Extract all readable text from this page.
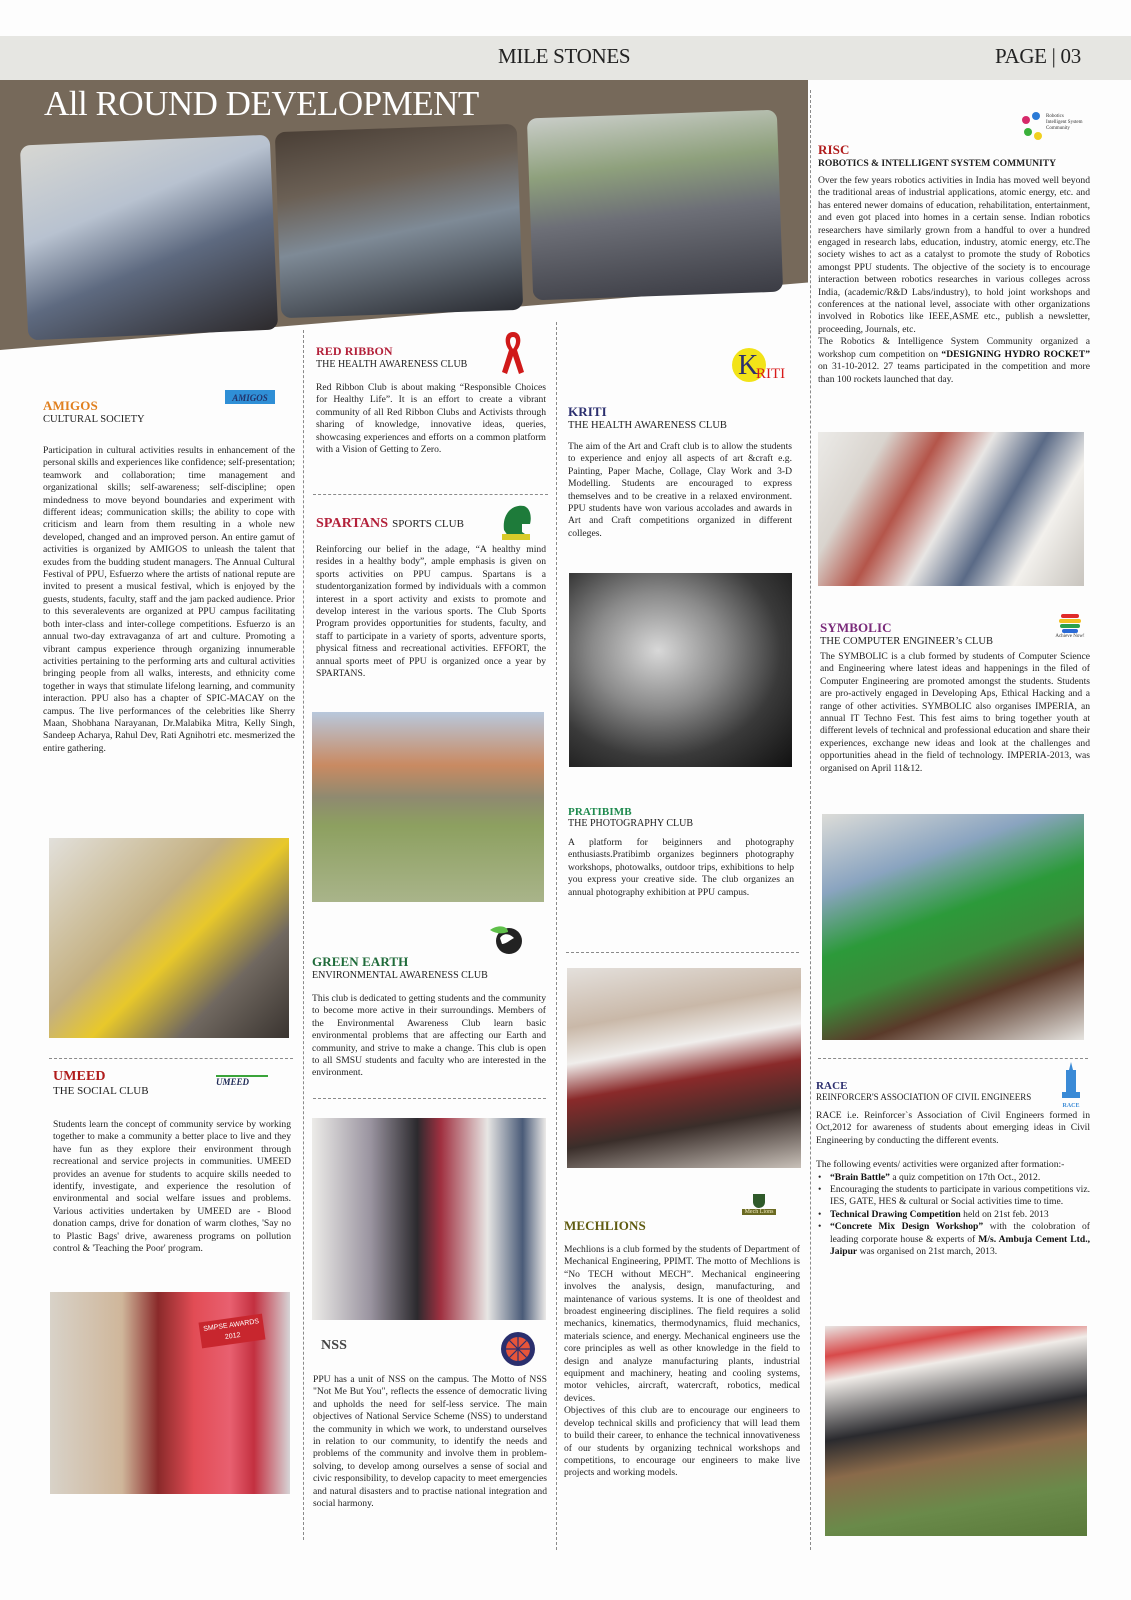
MILE STONES	PAGE | 03
All ROUND DEVELOPMENT
AMIGOS
CULTURAL SOCIETY
AMIGOS

Participation in cultural activities results in enhancement of the personal skills and experiences like confidence; self-presentation; teamwork and collaboration; time management and organizational skills; self-awareness; self-discipline; open mindedness to move beyond boundaries and experiment with different ideas; communication skills; the ability to cope with criticism and learn from them resulting in a whole new developed, changed and an improved person. An entire gamut of activities is organized by AMIGOS to unleash the talent that exudes from the budding student managers. The Annual Cultural Festival of PPU, Esfuerzo where the artists of national repute are invited to present a musical festival, which is enjoyed by the guests, students, faculty, staff and the jam packed audience. Prior to this severalevents are organized at PPU campus facilitating both inter-class and inter-college competitions. Esfuerzo is an annual two-day extravaganza of art and culture. Promoting a vibrant campus experience through organizing innumerable activities pertaining to the performing arts and cultural activities bringing people from all walks, interests, and ethnicity come together in ways that stimulate lifelong learning, and community interaction. PPU also has a chapter of SPIC-MACAY on the campus. The live performances of the celebrities like Sherry Maan, Shobhana Narayanan, Dr.Malabika Mitra, Kelly Singh, Sandeep Acharya, Rahul Dev, Rati Agnihotri etc. mesmerized the entire gathering.

UMEED
THE SOCIAL CLUB
UMEED

Students learn the concept of community service by working together to make a community a better place to live and they have fun as they explore their environment through recreational and service projects in communities. UMEED provides an avenue for students to acquire skills needed to identify, investigate, and experience the resolution of environmental and social welfare issues and problems. Various activities undertaken by UMEED are - Blood donation camps, drive for donation of warm clothes, 'Say no to Plastic Bags' drive, awareness programs on pollution control & 'Teaching the Poor' program.

SMPSE AWARDS 2012
RED RIBBON
THE HEALTH AWARENESS CLUB

Red Ribbon Club is about making “Responsible Choices for Healthy Life”. It is an effort to create a vibrant community of all Red Ribbon Clubs and Activists through sharing of knowledge, innovative ideas, queries, showcasing experiences and efforts on a common platform with a Vision of Getting to Zero.

SPARTANS SPORTS CLUB

Reinforcing our belief in the adage, “A healthy mind resides in a healthy body”, ample emphasis is given on sports activities on PPU campus. Spartans is a studentorganization formed by individuals with a common interest in a sport activity and exists to promote and develop interest in the various sports. The Club Sports Program provides opportunities for students, faculty, and staff to participate in a variety of sports, adventure sports, physical fitness and recreational activities. EFFORT, the annual sports meet of PPU is organized once a year by SPARTANS.

GREEN EARTH
ENVIRONMENTAL AWARENESS CLUB

This club is dedicated to getting students and the community to become more active in their surroundings. Members of the Environmental Awareness Club learn basic environmental problems that are affecting our Earth and community, and strive to make a change. This club is open to all SMSU students and faculty who are interested in the environment.

NSS

PPU has a unit of NSS on the campus. The Motto of NSS "Not Me But You", reflects the essence of democratic living and upholds the need for self-less service. The main objectives of National Service Scheme (NSS) to understand the community in which we work, to understand ourselves in relation to our community, to identify the needs and problems of the community and involve them in problem-solving, to develop among ourselves a sense of social and civic responsibility, to develop capacity to meet emergencies and natural disasters and to practise national integration and social harmony.

K
RITI
KRITI
THE HEALTH AWARENESS CLUB

The aim of the Art and Craft club is to allow the students to experience and enjoy all aspects of art &craft e.g. Painting, Paper Mache, Collage, Clay Work and 3-D Modelling. Students are encouraged to express themselves and to be creative in a relaxed environment. PPU students have won various accolades and awards in Art and Craft competitions organized in different colleges.

PRATIBIMB
THE PHOTOGRAPHY CLUB

A platform for beiginners and photography enthusiasts.Pratibimb organizes beginners photography workshops, photowalks, outdoor trips, exhibitions to help you express your creative side. The club organizes an annual photography exhibition at PPU campus.

Mech Lions
MECHLIONS

Mechlions is a club formed by the students of Department of Mechanical Engineering, PPIMT. The motto of Mechlions is “No TECH without MECH”. Mechanical engineering involves the analysis, design, manufacturing, and maintenance of various systems. It is one of theoldest and broadest engineering disciplines. The field requires a solid mechanics, kinematics, thermodynamics, fluid mechanics, materials science, and energy. Mechanical engineers use the core principles as well as other knowledge in the field to design and analyze manufacturing plants, industrial equipment and machinery, heating and cooling systems, motor vehicles, aircraft, watercraft, robotics, medical devices.

Objectives of this club are to encourage our engineers to develop technical skills and proficiency that will lead them to build their career, to enhance the technical innovativeness of our students by organizing technical workshops and competitions, to encourage our engineers to make live projects and working models.

Robotics Intelligent System Community
RISC
ROBOTICS & INTELLIGENT SYSTEM COMMUNITY

Over the few years robotics activities in India has moved well beyond the traditional areas of industrial applications, atomic energy, etc. and has entered newer domains of education, rehabilitation, entertainment, and even got placed into homes in a certain sense. Indian robotics researchers have similarly grown from a handful to over a hundred engaged in research labs, education, industry, atomic energy, etc.The society wishes to act as a catalyst to promote the study of Robotics amongst PPU students. The objective of the society is to encourage interaction between robotics researches in various colleges across India, (academic/R&D Labs/industry), to hold joint workshops and conferences at the national level, associate with other organizations involved in Robotics like IEEE,ASME etc., publish a newsletter, proceeding, Journals, etc.

The Robotics & Intelligence System Community organized a workshop cum competition on “DESIGNING HYDRO ROCKET” on 31-10-2012. 27 teams participated in the competition and more than 100 rockets launched that day.

SYMBOLIC
THE COMPUTER ENGINEER’s CLUB	Achieve Now!

The SYMBOLIC is a club formed by students of Computer Science and Engineering where latest ideas and happenings in the filed of Computer Engineering are promoted amongst the students. Students are pro-actively engaged in Developing Aps, Ethical Hacking and a range of other activities. SYMBOLIC also organises IMPERIA, an annual IT Techno Fest. This fest aims to bring together youth at different levels of technical and professional education and share their experiences, exchange new ideas and look at the challenges and opportunities ahead in the field of technology. IMPERIA-2013, was organised on April 11&12.

RACE
REINFORCER'S ASSOCIATION OF CIVIL ENGINEERS
RACE

RACE i.e. Reinforcer`s Association of Civil Engineers formed in Oct,2012 for awareness of students about emerging ideas in Civil Engineering by conducting the different events.

The following events/ activities were organized after formation:-

• “Brain Battle” a quiz competition on 17th Oct., 2012.
• Encouraging the students to participate in various competitions viz. IES, GATE, HES & cultural or Social activities time to time.
• Technical Drawing Competition held on 21st feb. 2013
• “Concrete Mix Design Workshop” with the colobration of leading corporate house & experts of M/s. Ambuja Cement Ltd., Jaipur was organised on 21st march, 2013.
